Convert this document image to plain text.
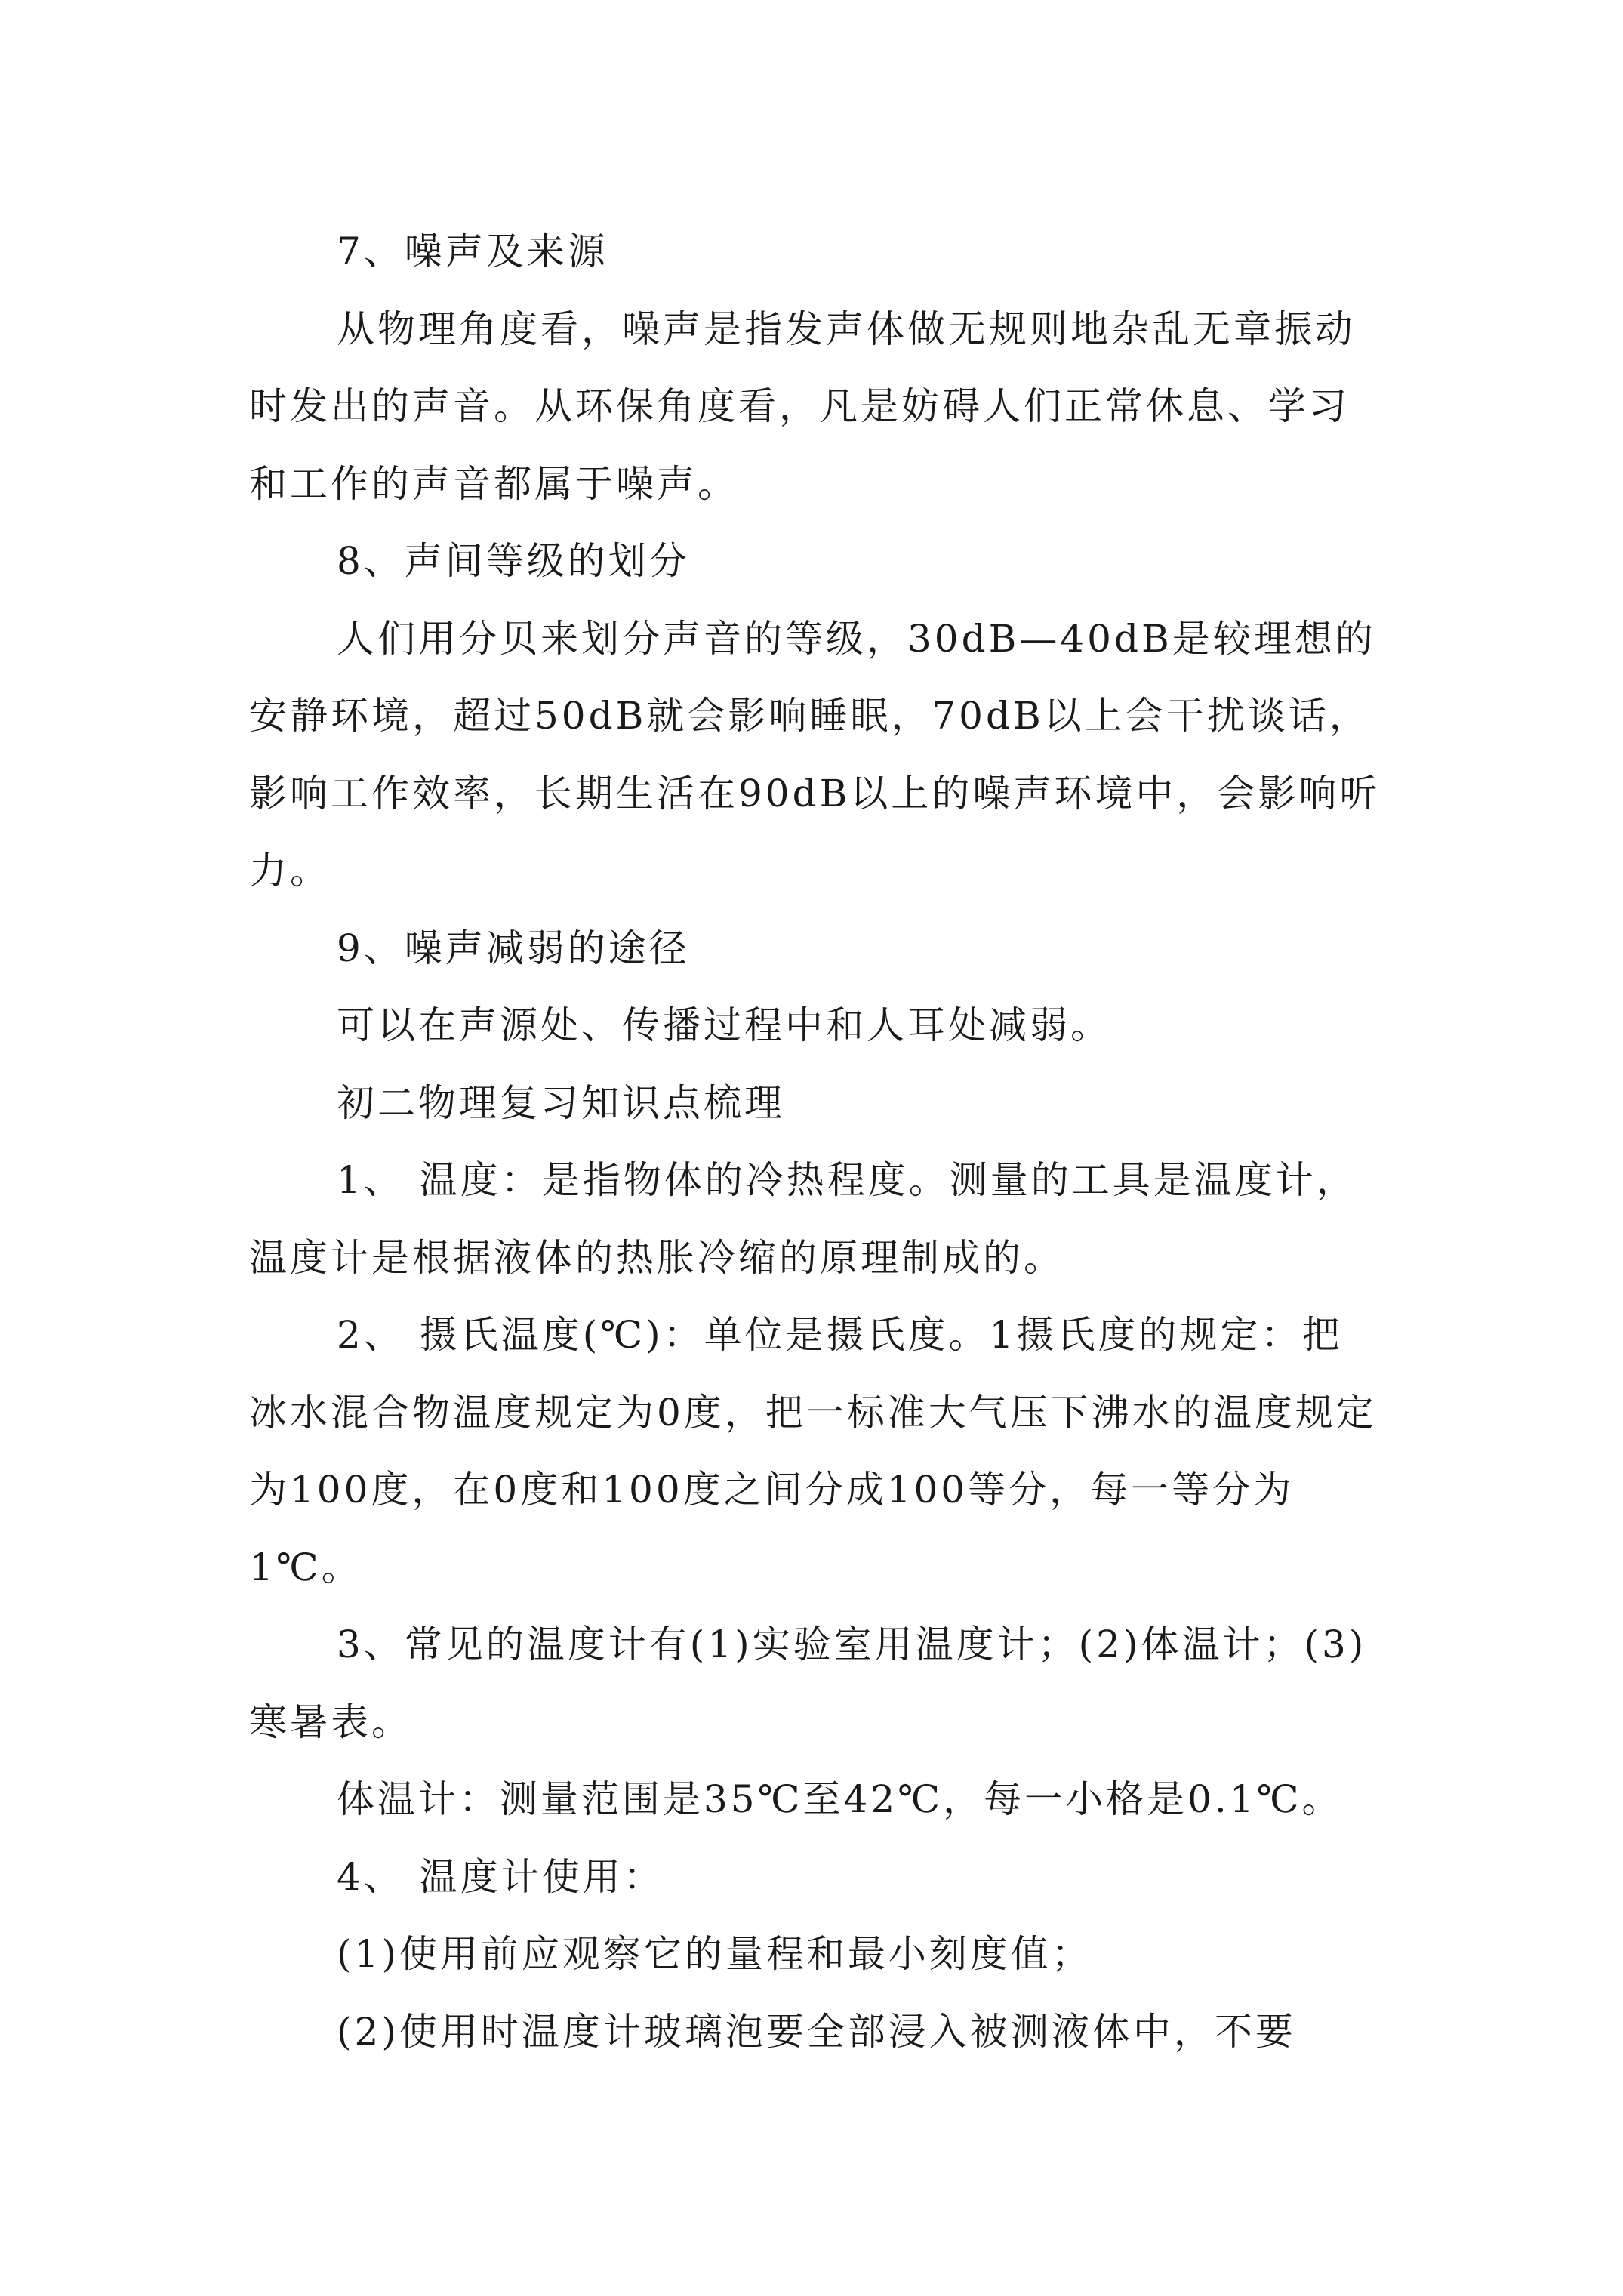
7、噪声及来源

从物理角度看，噪声是指发声体做无规则地杂乱无章振动时发出的声音。从环保角度看，凡是妨碍人们正常休息、学习和工作的声音都属于噪声。

8、声间等级的划分

人们用分贝来划分声音的等级，30dB—40dB是较理想的安静环境，超过50dB就会影响睡眠，70dB以上会干扰谈话，影响工作效率，长期生活在90dB以上的噪声环境中，会影响听力。

9、噪声减弱的途径

可以在声源处、传播过程中和人耳处减弱。

初二物理复习知识点梳理

1、 温度：是指物体的冷热程度。测量的工具是温度计，温度计是根据液体的热胀冷缩的原理制成的。

2、 摄氏温度(℃)：单位是摄氏度。1摄氏度的规定：把冰水混合物温度规定为0度，把一标准大气压下沸水的温度规定为100度，在0度和100度之间分成100等分，每一等分为1℃。

3、常见的温度计有(1)实验室用温度计；(2)体温计；(3)寒暑表。

体温计：测量范围是35℃至42℃，每一小格是0.1℃。

4、 温度计使用：

(1)使用前应观察它的量程和最小刻度值；

(2)使用时温度计玻璃泡要全部浸入被测液体中，不要
